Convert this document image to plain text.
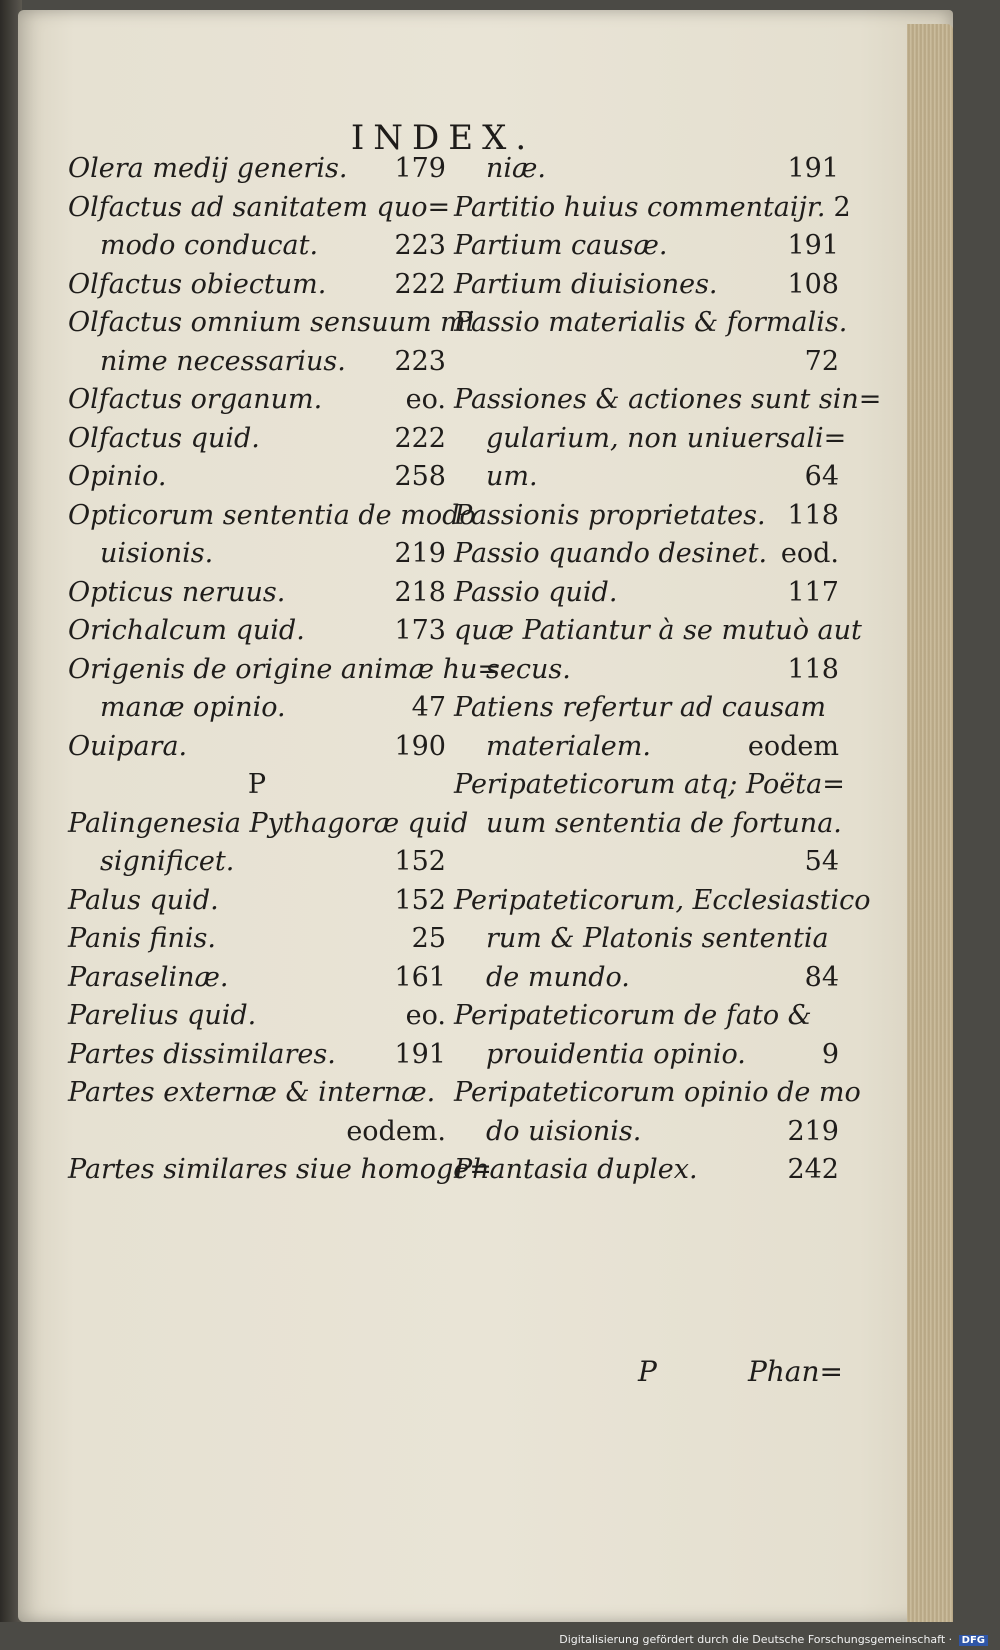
INDEX.
Olera medij generis. 179
Olfactus ad sanitatem quo=
modo conducat.	223
Olfactus obiectum.	222
Olfactus omnium sensuum mi
nime necessarius. 223
Olfactus organum.	eo.
Olfactus quid.	222
Opinio.	258
Opticorum sententia de modo
uisionis.	219
Opticus neruus.	218
Orichalcum quid.	173
Origenis de origine animæ hu=
manæ opinio.	47
Ouipara.	190
P
Palingenesia Pythagoræ quid
significet.	152
Palus quid.	152
Panis finis.	25
Paraselinæ.	161
Parelius quid.	eo.
Partes dissimilares. 191
Partes externæ & internæ.
eodem.
Partes similares siue homoge=
niæ.	191
Partitio huius commentaijr. 2
Partium causæ.	191
Partium diuisiones.	108
Passio materialis & formalis.
72
Passiones & actiones sunt sin=
gularium, non uniuersali=
um.	64
Passionis proprietates. 118
Passio quando desinet. eod.
Passio quid.	117
quæ Patiantur à se mutuò aut
secus.	118
Patiens refertur ad causam
materialem.	eodem
Peripateticorum atq; Poëta=
uum sententia de fortuna.
54
Peripateticorum, Ecclesiastico
rum & Platonis sententia
de mundo.	84
Peripateticorum de fato &
prouidentia opinio.	9
Peripateticorum opinio de mo
do uisionis.	219
Phantasia duplex.	242
P	Phan=
Digitalisierung gefördert durch die Deutsche Forschungsgemeinschaft · DFG
